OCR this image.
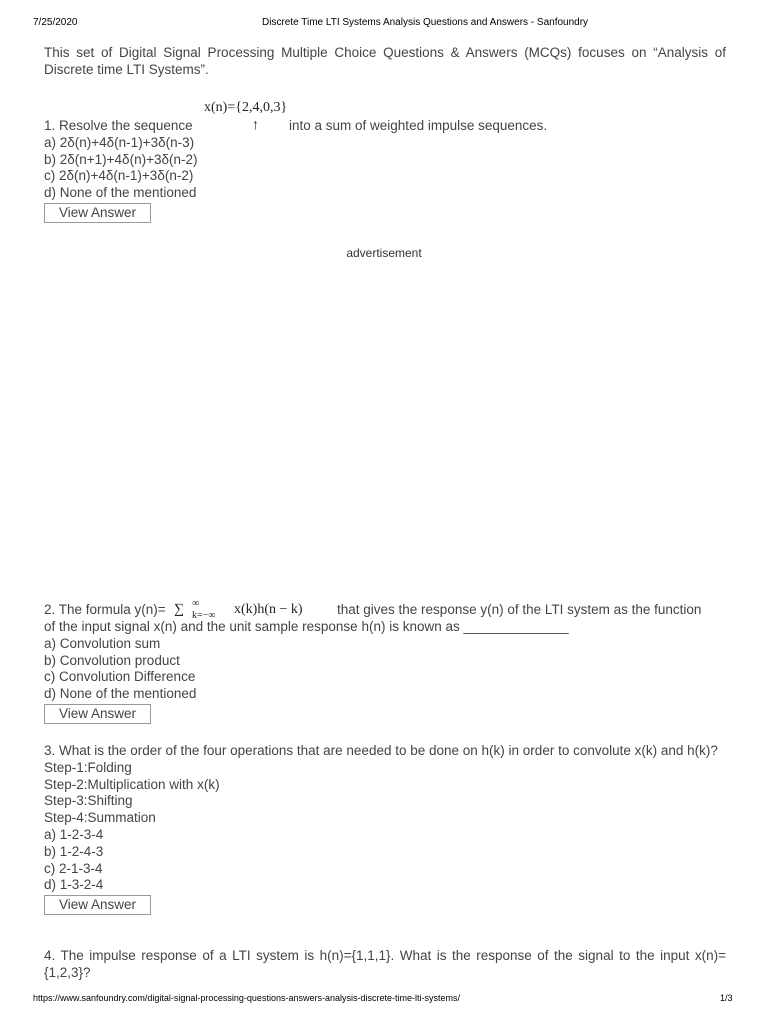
7/25/2020	Discrete Time LTI Systems Analysis Questions and Answers - Sanfoundry
This set of Digital Signal Processing Multiple Choice Questions & Answers (MCQs) focuses on “Analysis of Discrete time LTI Systems”.
x(n)={2,4,0,3}
1. Resolve the sequence	↑ into a sum of weighted impulse sequences.

a) 2δ(n)+4δ(n-1)+3δ(n-3)

b) 2δ(n+1)+4δ(n)+3δ(n-2)

c) 2δ(n)+4δ(n-1)+3δ(n-2)

d) None of the mentioned

View Answer
advertisement
2. The formula y(n)= ∑ ∞
k=−∞ x(k)h(n − k)	that gives the response y(n) of the LTI system as the function

of the input signal x(n) and the unit sample response h(n) is known as ______________

a) Convolution sum

b) Convolution product

c) Convolution Difference

d) None of the mentioned

View Answer

3. What is the order of the four operations that are needed to be done on h(k) in order to convolute x(k) and h(k)?

Step-1:Folding

Step-2:Multiplication with x(k)

Step-3:Shifting

Step-4:Summation

a) 1-2-3-4

b) 1-2-4-3

c) 2-1-3-4

d) 1-3-2-4

View Answer

4. The impulse response of a LTI system is h(n)={1,1,1}. What is the response of the signal to the input x(n)={1,2,3}?

https://www.sanfoundry.com/digital-signal-processing-questions-answers-analysis-discrete-time-lti-systems/	1/3
